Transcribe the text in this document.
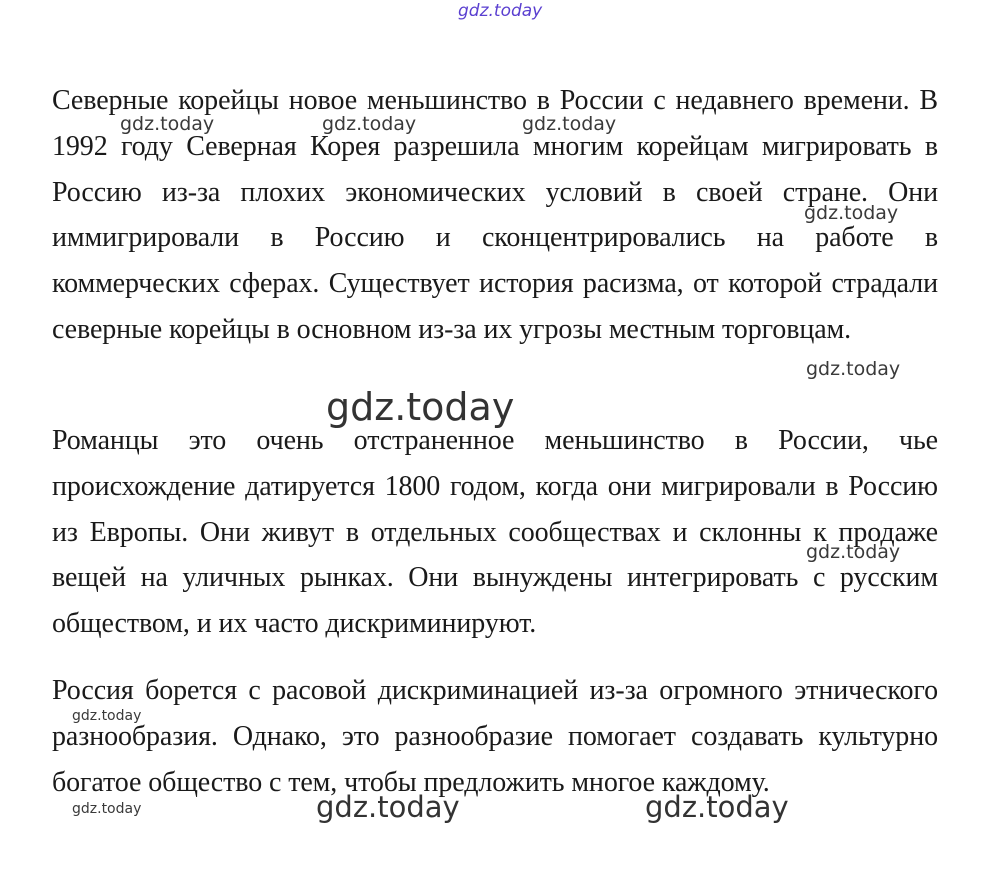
Северные корейцы новое меньшинство в России с недавнего времени. В 1992 году Северная Корея разрешила многим корейцам мигрировать в Россию из-за плохих экономических условий в своей стране. Они иммигрировали в Россию и сконцентрировались на работе в коммерческих сферах. Существует история расизма, от которой страдали северные корейцы в основном из-за их угрозы местным торговцам.

Романцы это очень отстраненное меньшинство в России, чье происхождение датируется 1800 годом, когда они мигрировали в Россию из Европы. Они живут в отдельных сообществах и склонны к продаже вещей на уличных рынках. Они вынуждены интегрировать с русским обществом, и их часто дискриминируют.

Россия борется с расовой дискриминацией из-за огромного этнического разнообразия. Однако, это разнообразие помогает создавать культурно богатое общество с тем, чтобы предложить многое каждому.

gdz.today
gdz.today	gdz.today	gdz.today
gdz.today
gdz.today
gdz.today
gdz.today
gdz.today
gdz.today	gdz.today	gdz.today
